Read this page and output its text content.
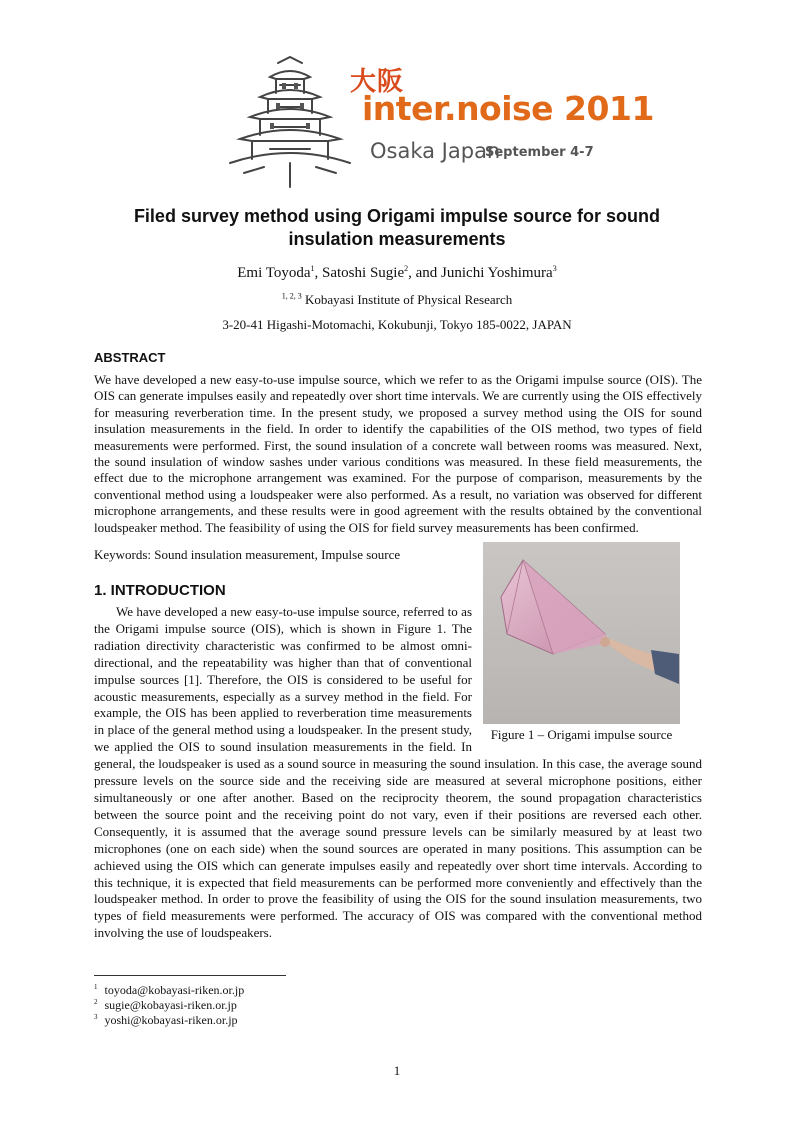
大阪
inter.noise 2011
Osaka Japan
September 4-7
Filed survey method using Origami impulse source for sound insulation measurements
Emi Toyoda$^1$, Satoshi Sugie$^2$, and Junichi Yoshimura$^3$
$^{1, 2, 3}$ Kobayasi Institute of Physical Research
3-20-41 Higashi-Motomachi, Kokubunji, Tokyo 185-0022, JAPAN
ABSTRACT

We have developed a new easy-to-use impulse source, which we refer to as the Origami impulse source (OIS). The OIS can generate impulses easily and repeatedly over short time intervals. We are currently using the OIS effectively for measuring reverberation time. In the present study, we proposed a survey method using the OIS for sound insulation measurements in the field. In order to identify the capabilities of the OIS method, two types of field measurements were performed. First, the sound insulation of a concrete wall between rooms was measured. Next, the sound insulation of window sashes under various conditions was measured. In these field measurements, the effect due to the microphone arrangement was examined. For the purpose of comparison, measurements by the conventional method using a loudspeaker were also performed. As a result, no variation was observed for different microphone arrangements, and these results were in good agreement with the results obtained by the conventional loudspeaker method. The feasibility of using the OIS for field survey measurements has been confirmed.

Keywords: Sound insulation measurement, Impulse source
1. INTRODUCTION

We have developed a new easy-to-use impulse source, referred to as the Origami impulse source (OIS), which is shown in Figure 1. The radiation directivity characteristic was confirmed to be almost omni-directional, and the repeatability was higher than that of conventional impulse sources [1]. Therefore, the OIS is considered to be useful for acoustic measurements, especially as a survey method in the field. For example, the OIS has been applied to reverberation time measurements in place of the general method using a loudspeaker. In the present study, we applied the OIS to sound insulation measurements in the field. In general, the loudspeaker is used as a sound source in measuring the sound insulation. In this case, the average sound pressure levels on the source side and the receiving side are measured at several microphone positions, either simultaneously or one after another. Based on the reciprocity theorem, the sound propagation characteristics between the source point and the receiving point do not vary, even if their positions are reversed each other. Consequently, it is assumed that the average sound pressure levels can be similarly measured by at least two microphones (one on each side) when the sound sources are operated in many positions. This assumption can be achieved using the OIS which can generate impulses easily and repeatedly over short time intervals. According to this technique, it is expected that field measurements can be performed more conveniently and effectively than the loudspeaker method. In order to prove the feasibility of using the OIS for the sound insulation measurements, two types of field measurements were performed. The accuracy of OIS was compared with the conventional method involving the use of loudspeakers.

Figure 1 – Origami impulse source
$^1$ toyoda@kobayasi-riken.or.jp
$^2$ sugie@kobayasi-riken.or.jp
$^3$ yoshi@kobayasi-riken.or.jp
1
